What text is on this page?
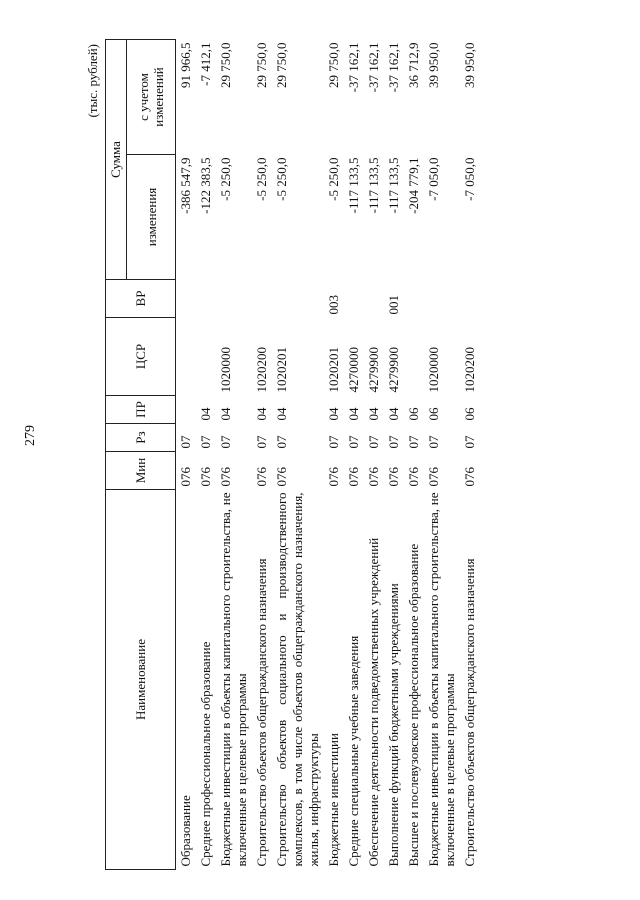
279
(тыс. рублей)
Наименование	Мин	Рз	ПР	ЦСР	ВР	Сумма	
						изменения	с учетом изменений
Образование	076	07				-386 547,9	91 966,5
Среднее профессиональное образование	076	07	04			-122 383,5	-7 412,1
Бюджетные инвестиции в объекты капитального строительства, не включенные в целевые программы	076	07	04	1020000		-5 250,0	29 750,0
Строительство объектов общегражданского назначения	076	07	04	1020200		-5 250,0	29 750,0
Строительство объектов социального и производственного комплексов, в том числе объектов общегражданского назначения, жилья, инфраструктуры	076	07	04	1020201		-5 250,0	29 750,0
Бюджетные инвестиции	076	07	04	1020201	003	-5 250,0	29 750,0
Средние специальные учебные заведения	076	07	04	4270000		-117 133,5	-37 162,1
Обеспечение деятельности подведомственных учреждений	076	07	04	4279900		-117 133,5	-37 162,1
Выполнение функций бюджетными учреждениями	076	07	04	4279900	001	-117 133,5	-37 162,1
Высшее и послевузовское профессиональное образование	076	07	06			-204 779,1	36 712,9
Бюджетные инвестиции в объекты капитального строительства, не включенные в целевые программы	076	07	06	1020000		-7 050,0	39 950,0
Строительство объектов общегражданского назначения	076	07	06	1020200		-7 050,0	39 950,0
